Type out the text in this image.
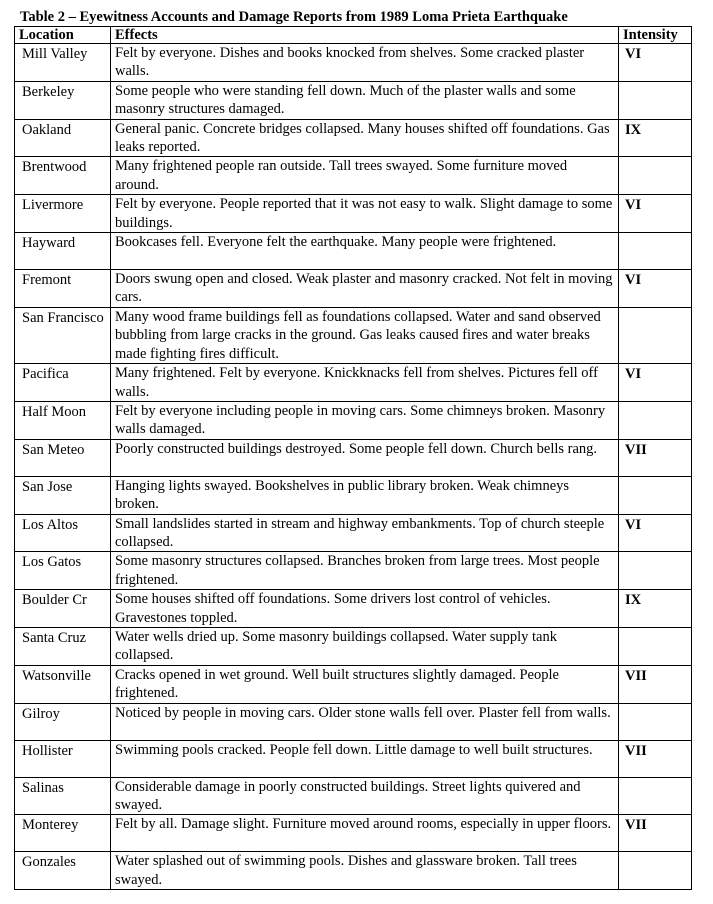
Table 2 – Eyewitness Accounts and Damage Reports from 1989 Loma Prieta Earthquake
Location	Effects	Intensity
Mill Valley	Felt by everyone. Dishes and books knocked from shelves. Some cracked plaster walls.	VI
Berkeley	Some people who were standing fell down. Much of the plaster walls and some masonry structures damaged.	
Oakland	General panic. Concrete bridges collapsed. Many houses shifted off foundations. Gas leaks reported.	IX
Brentwood	Many frightened people ran outside. Tall trees swayed. Some furniture moved around.	
Livermore	Felt by everyone. People reported that it was not easy to walk. Slight damage to some buildings.	VI
Hayward	Bookcases fell. Everyone felt the earthquake. Many people were frightened.	
Fremont	Doors swung open and closed. Weak plaster and masonry cracked. Not felt in moving cars.	VI
San Francisco	Many wood frame buildings fell as foundations collapsed. Water and sand observed bubbling from large cracks in the ground. Gas leaks caused fires and water breaks made fighting fires difficult.	
Pacifica	Many frightened. Felt by everyone. Knickknacks fell from shelves. Pictures fell off walls.	VI
Half Moon	Felt by everyone including people in moving cars. Some chimneys broken. Masonry walls damaged.	
San Meteo	Poorly constructed buildings destroyed. Some people fell down. Church bells rang.	VII
San Jose	Hanging lights swayed. Bookshelves in public library broken. Weak chimneys broken.	
Los Altos	Small landslides started in stream and highway embankments. Top of church steeple collapsed.	VI
Los Gatos	Some masonry structures collapsed. Branches broken from large trees. Most people frightened.	
Boulder Cr	Some houses shifted off foundations. Some drivers lost control of vehicles. Gravestones toppled.	IX
Santa Cruz	Water wells dried up. Some masonry buildings collapsed. Water supply tank collapsed.	
Watsonville	Cracks opened in wet ground. Well built structures slightly damaged. People frightened.	VII
Gilroy	Noticed by people in moving cars. Older stone walls fell over. Plaster fell from walls.	
Hollister	Swimming pools cracked. People fell down. Little damage to well built structures.	VII
Salinas	Considerable damage in poorly constructed buildings. Street lights quivered and swayed.	
Monterey	Felt by all. Damage slight. Furniture moved around rooms, especially in upper floors.	VII
Gonzales	Water splashed out of swimming pools. Dishes and glassware broken. Tall trees swayed.	
